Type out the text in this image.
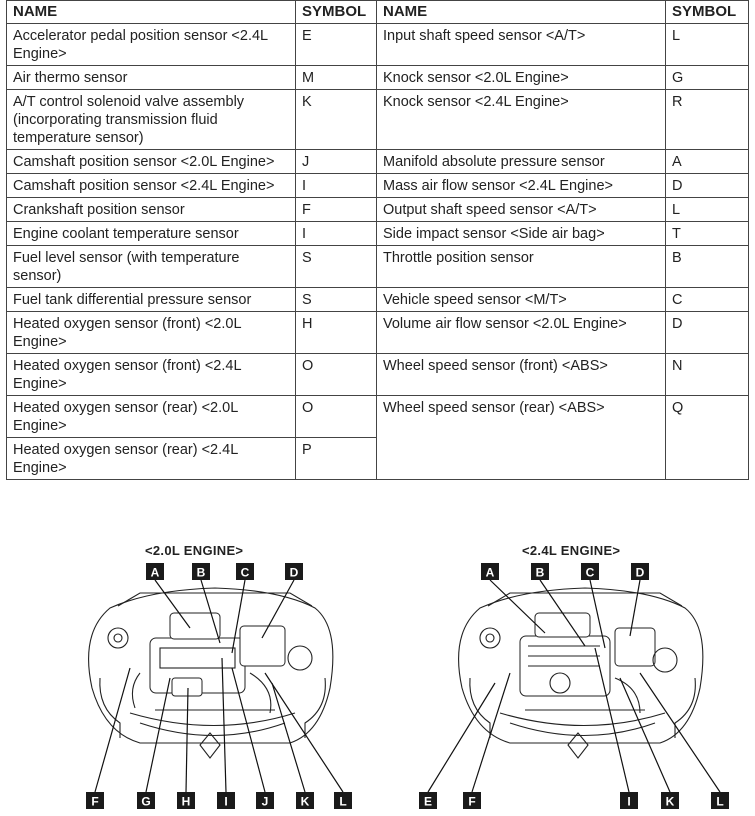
NAME	SYMBOL	NAME	SYMBOL
Accelerator pedal position sensor <2.4L Engine>	E	Input shaft speed sensor <A/T>	L
Air thermo sensor	M	Knock sensor <2.0L Engine>	G
A/T control solenoid valve assembly (incorporating transmission fluid temperature sensor)	K	Knock sensor <2.4L Engine>	R
Camshaft position sensor <2.0L Engine>	J	Manifold absolute pressure sensor	A
Camshaft position sensor <2.4L Engine>	I	Mass air flow sensor <2.4L Engine>	D
Crankshaft position sensor	F	Output shaft speed sensor <A/T>	L
Engine coolant temperature sensor	I	Side impact sensor <Side air bag>	T
Fuel level sensor (with temperature sensor)	S	Throttle position sensor	B
Fuel tank differential pressure sensor	S	Vehicle speed sensor <M/T>	C
Heated oxygen sensor (front) <2.0L Engine>	H	Volume air flow sensor <2.0L Engine>	D
Heated oxygen sensor (front) <2.4L Engine>	O	Wheel speed sensor (front) <ABS>	N
Heated oxygen sensor (rear) <2.0L Engine>	O	Wheel speed sensor (rear) <ABS>	Q
Heated oxygen sensor (rear) <2.4L Engine>	P		
<2.0L ENGINE>	<2.4L ENGINE>
A	B	C	D
F	G	H	I	J	K L
A	B	C	D
E	F	I	K	L
